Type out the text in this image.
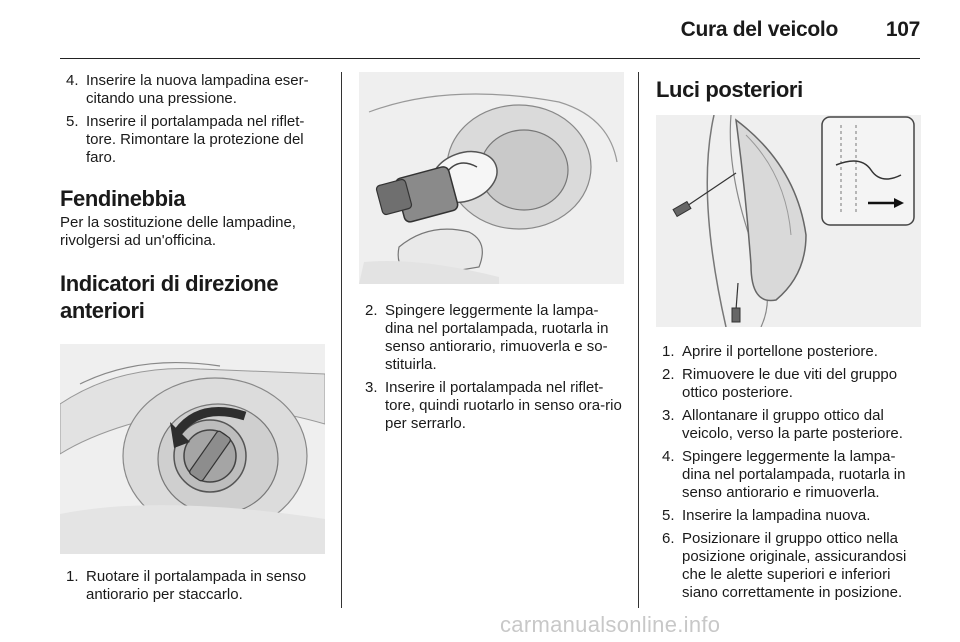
Cura del veicolo 107
4. Inserire la nuova lampadina eser-citando una pressione.
5. Inserire il portalampada nel riflet-tore. Rimontare la protezione del faro.
Fendinebbia

Per la sostituzione delle lampadine, rivolgersi ad un'officina.

Indicatori di direzione anteriori
1. Ruotare il portalampada in senso antiorario per staccarlo.
2. Spingere leggermente la lampa-dina nel portalampada, ruotarla in senso antiorario, rimuoverla e so-stituirla.
3. Inserire il portalampada nel riflet-tore, quindi ruotarlo in senso ora-rio per serrarlo.
Luci posteriori
1. Aprire il portellone posteriore.
2. Rimuovere le due viti del gruppo ottico posteriore.
3. Allontanare il gruppo ottico dal veicolo, verso la parte posteriore.
4. Spingere leggermente la lampa-dina nel portalampada, ruotarla in senso antiorario e rimuoverla.
5. Inserire la lampadina nuova.
6. Posizionare il gruppo ottico nella posizione originale, assicurandosi che le alette superiori e inferiori siano correttamente in posizione.
carmanualsonline.info
